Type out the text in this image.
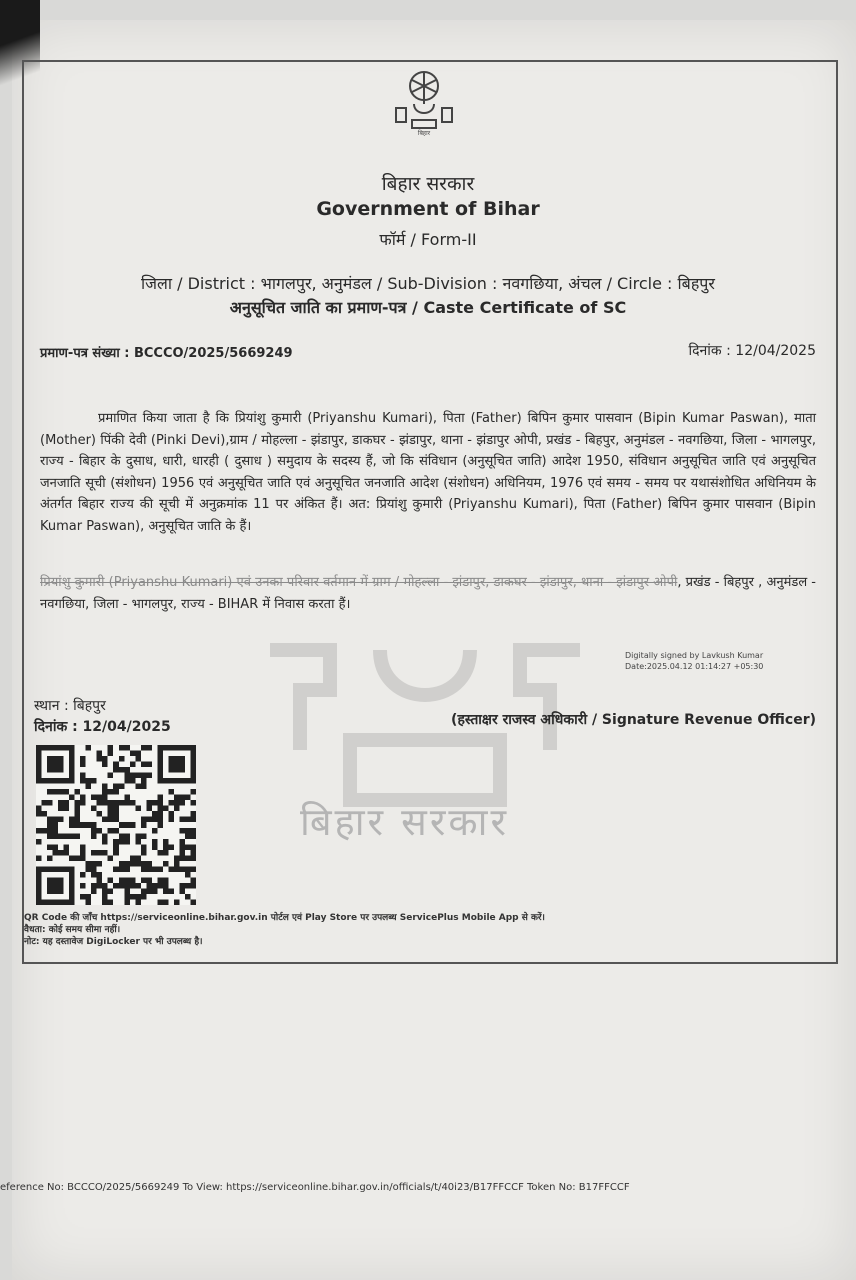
बिहार सरकार
बिहार
बिहार सरकार
Government of Bihar
फॉर्म / Form-II
जिला / District : भागलपुर, अनुमंडल / Sub-Division : नवगछिया, अंचल / Circle : बिहपुर
अनुसूचित जाति का प्रमाण-पत्र / Caste Certificate of SC
प्रमाण-पत्र संख्या : BCCCO/2025/5669249	दिनांक : 12/04/2025
प्रमाणित किया जाता है कि प्रियांशु कुमारी (Priyanshu Kumari), पिता (Father) बिपिन कुमार पासवान (Bipin Kumar Paswan), माता (Mother) पिंकी देवी (Pinki Devi),ग्राम / मोहल्ला - झंडापुर, डाकघर - झंडापुर, थाना - झंडापुर ओपी, प्रखंड - बिहपुर, अनुमंडल - नवगछिया, जिला - भागलपुर, राज्य - बिहार के दुसाध, धारी, धारही ( दुसाध ) समुदाय के सदस्य हैं, जो कि संविधान (अनुसूचित जाति) आदेश 1950, संविधान अनुसूचित जाति एवं अनुसूचित जनजाति सूची (संशोधन) 1956 एवं अनुसूचित जाति एवं अनुसूचित जनजाति आदेश (संशोधन) अधिनियम, 1976 एवं समय - समय पर यथासंशोधित अधिनियम के अंतर्गत बिहार राज्य की सूची में अनुक्रमांक 11 पर अंकित हैं। अत: प्रियांशु कुमारी (Priyanshu Kumari), पिता (Father) बिपिन कुमार पासवान (Bipin Kumar Paswan), अनुसूचित जाति के हैं।
प्रियांशु कुमारी (Priyanshu Kumari) एवं उनका परिवार वर्तमान में ग्राम / मोहल्ला - झंडापुर, डाकघर - झंडापुर, थाना - झंडापुर ओपी, प्रखंड - बिहपुर , अनुमंडल - नवगछिया, जिला - भागलपुर, राज्य - BIHAR में निवास करता हैं।
Digitally signed by Lavkush Kumar
Date:2025.04.12 01:14:27 +05:30
स्थान : बिहपुर
दिनांक : 12/04/2025	(हस्ताक्षर राजस्व अधिकारी / Signature Revenue Officer)
QR Code की जाँच https://serviceonline.bihar.gov.in पोर्टल एवं Play Store पर उपलब्ध ServicePlus Mobile App से करें।
वैधता: कोई समय सीमा नहीं।
नोट: यह दस्तावेज DigiLocker पर भी उपलब्ध है।
eference No: BCCCO/2025/5669249 To View: https://serviceonline.bihar.gov.in/officials/t/40i23/B17FFCCF Token No: B17FFCCF
